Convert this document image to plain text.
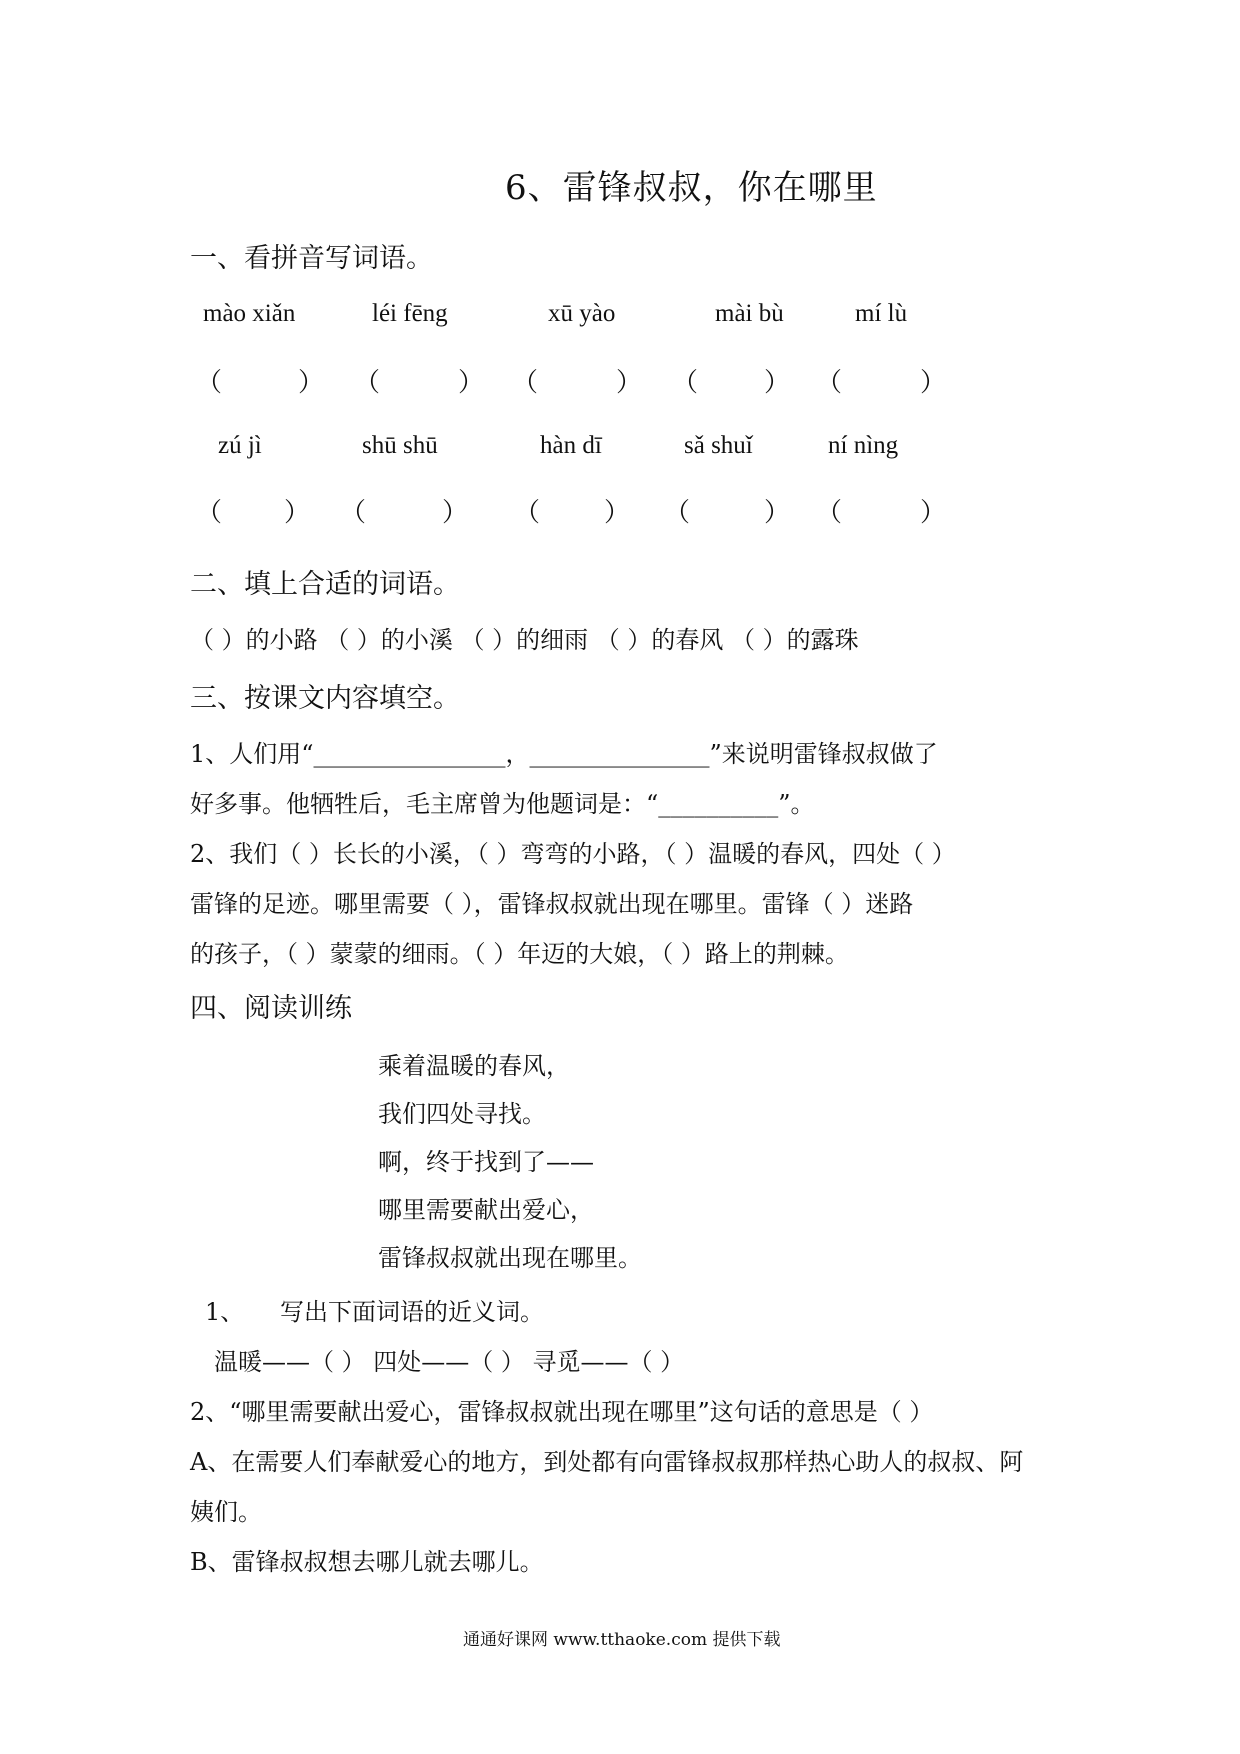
6、雷锋叔叔，你在哪里
一、看拼音写词语。
mào xiǎn	léi fēng	xū yào	mài bù	mí lù
（	） （	） （	） （	） （	）
zú jì	shū shū	hàn dī	sǎ shuǐ	ní nìng
（ ） （	） （ ） （	） （	）
二、填上合适的词语。
（ ）的小路 （ ）的小溪 （ ）的细雨 （ ）的春风 （ ）的露珠
三、按课文内容填空。
1、人们用“________________，_______________”来说明雷锋叔叔做了
好多事。他牺牲后，毛主席曾为他题词是：“__________”。
2、我们（ ）长长的小溪，（ ）弯弯的小路，（ ）温暖的春风，四处（ ）
雷锋的足迹。哪里需要（ ），雷锋叔叔就出现在哪里。雷锋（ ）迷路
的孩子，（ ）蒙蒙的细雨。（ ）年迈的大娘，（ ）路上的荆棘。
四、阅读训练
乘着温暖的春风，
我们四处寻找。
啊，终于找到了——
哪里需要献出爱心，
雷锋叔叔就出现在哪里。
1、 写出下面词语的近义词。
温暖——（ ） 四处——（ ） 寻觅——（ ）
2、“哪里需要献出爱心，雷锋叔叔就出现在哪里”这句话的意思是（ ）
A、在需要人们奉献爱心的地方，到处都有向雷锋叔叔那样热心助人的叔叔、阿
姨们。
B、雷锋叔叔想去哪儿就去哪儿。
通通好课网 www.tthaoke.com 提供下载
